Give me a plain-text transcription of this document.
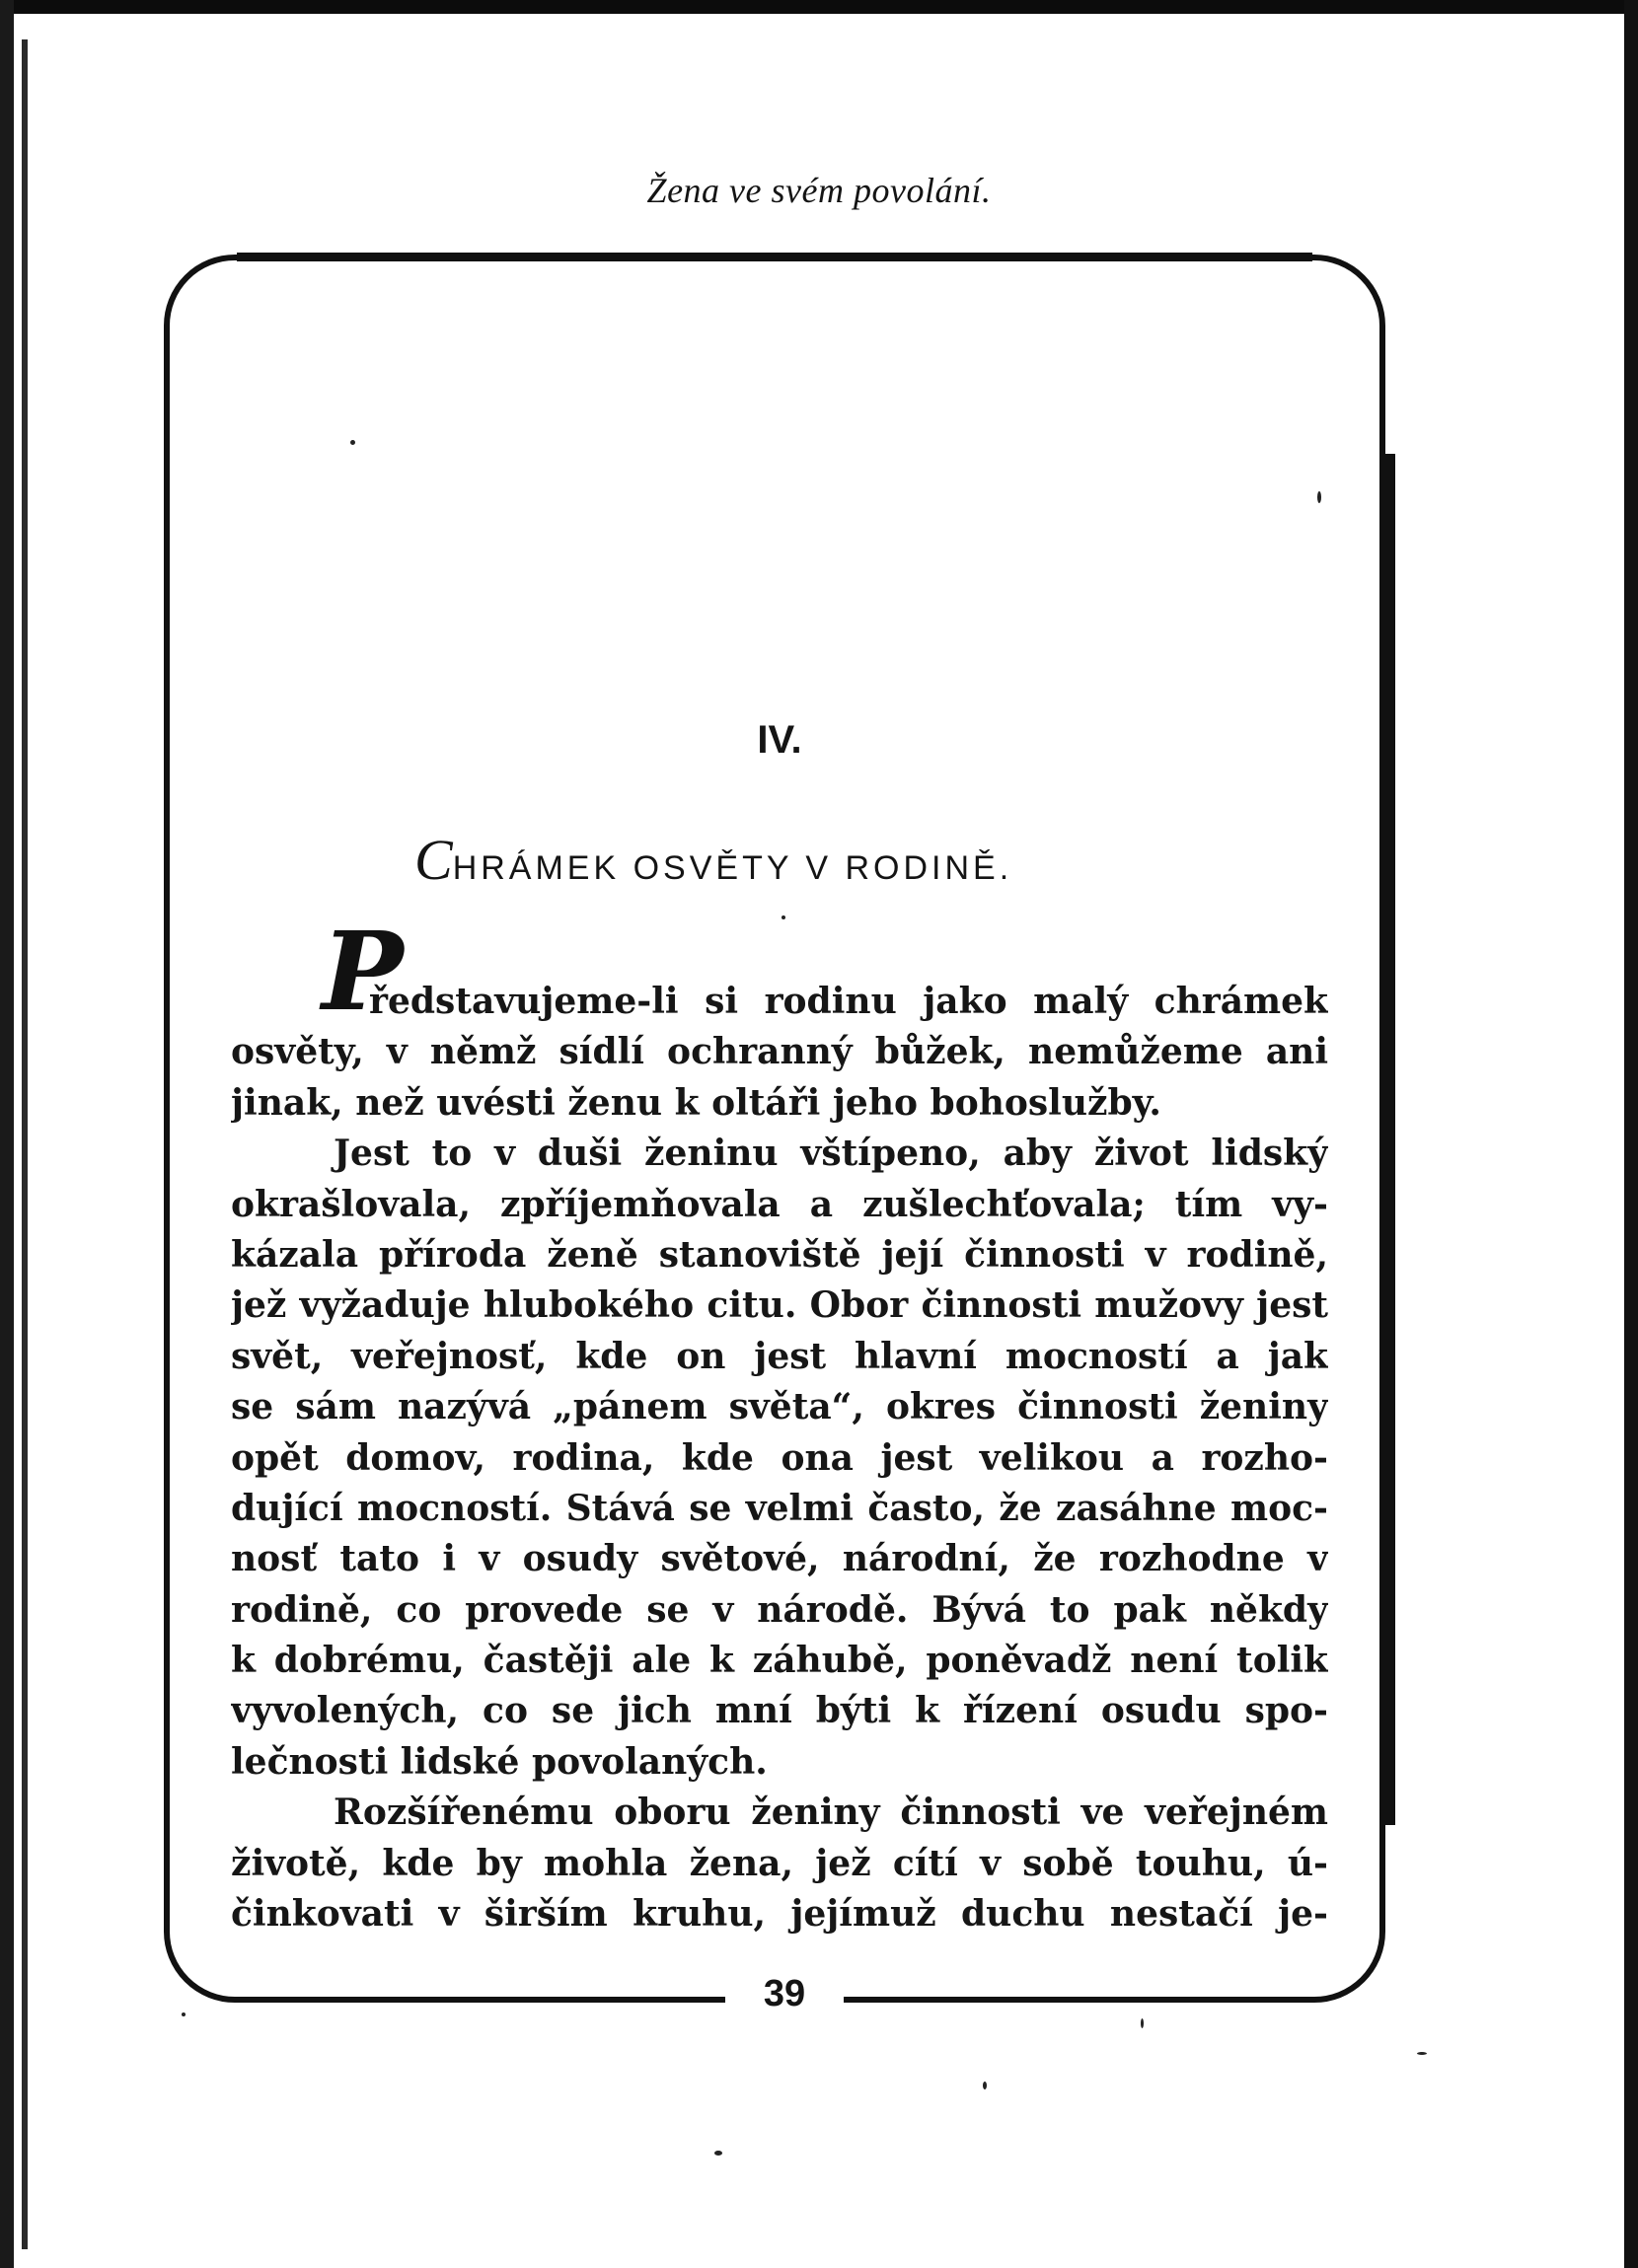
Žena ve svém povolání.
39
IV.
CHRÁMEK OSVĚTY V RODINĚ.
P
ředstavujeme-li si rodinu jako malý chrámek
osvěty, v němž sídlí ochranný bůžek, nemůžeme ani
jinak, než uvésti ženu k oltáři jeho bohoslužby.
Jest to v duši ženinu vštípeno, aby život lidský
okrašlovala, zpříjemňovala a zušlechťovala; tím vy-
kázala příroda ženě stanoviště její činnosti v rodině,
jež vyžaduje hlubokého citu. Obor činnosti mužovy jest
svět, veřejnosť, kde on jest hlavní mocností a jak
se sám nazývá „pánem světa“, okres činnosti ženiny
opět domov, rodina, kde ona jest velikou a rozho-
dující mocností. Stává se velmi často, že zasáhne moc-
nosť tato i v osudy světové, národní, že rozhodne v
rodině, co provede se v národě. Bývá to pak někdy
k dobrému, častěji ale k záhubě, poněvadž není tolik
vyvolených, co se jich mní býti k řízení osudu spo-
lečnosti lidské povolaných.
Rozšířenému oboru ženiny činnosti ve veřejném
životě, kde by mohla žena, jež cítí v sobě touhu, ú-
činkovati v širším kruhu, jejímuž duchu nestačí je-
